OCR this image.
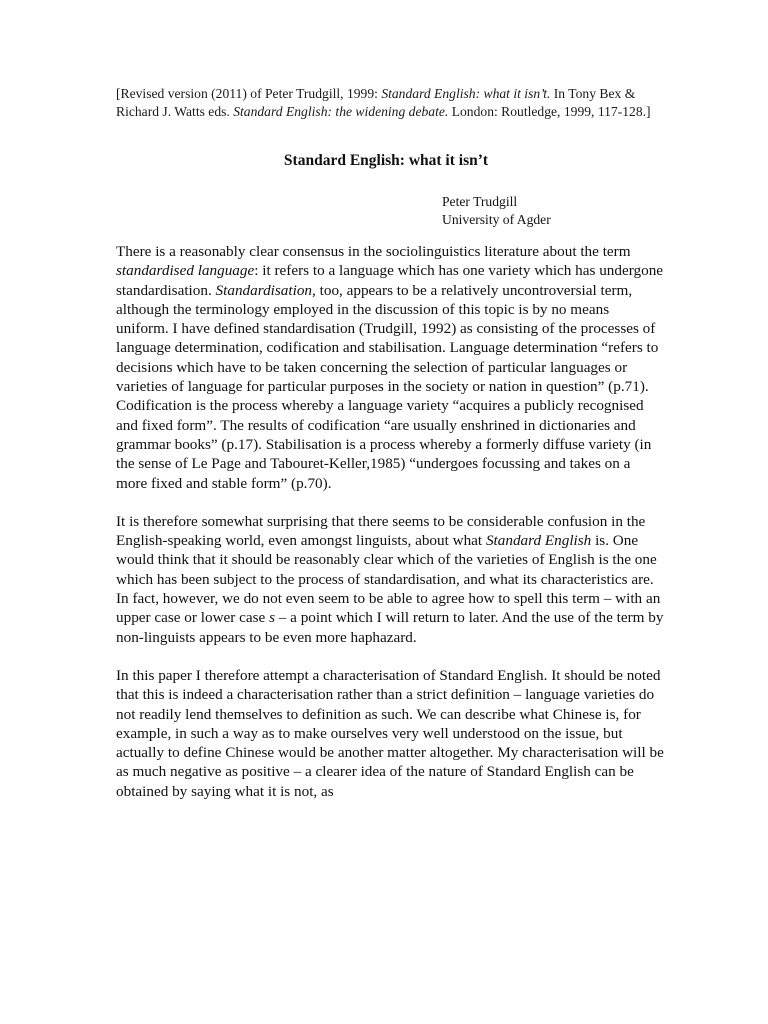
[Revised version (2011) of Peter Trudgill, 1999: Standard English: what it isn’t. In Tony Bex & Richard J. Watts eds. Standard English: the widening debate. London: Routledge, 1999, 117-128.]
Standard English: what it isn’t
Peter Trudgill
University of Agder

There is a reasonably clear consensus in the sociolinguistics literature about the term standardised language: it refers to a language which has one variety which has undergone standardisation. Standardisation, too, appears to be a relatively uncontroversial term, although the terminology employed in the discussion of this topic is by no means uniform. I have defined standardisation (Trudgill, 1992) as consisting of the processes of language determination, codification and stabilisation. Language determination “refers to decisions which have to be taken concerning the selection of particular languages or varieties of language for particular purposes in the society or nation in question” (p.71). Codification is the process whereby a language variety “acquires a publicly recognised and fixed form”. The results of codification “are usually enshrined in dictionaries and grammar books” (p.17). Stabilisation is a process whereby a formerly diffuse variety (in the sense of Le Page and Tabouret-Keller,1985) “undergoes focussing and takes on a more fixed and stable form” (p.70).

It is therefore somewhat surprising that there seems to be considerable confusion in the English-speaking world, even amongst linguists, about what Standard English is. One would think that it should be reasonably clear which of the varieties of English is the one which has been subject to the process of standardisation, and what its characteristics are. In fact, however, we do not even seem to be able to agree how to spell this term – with an upper case or lower case s – a point which I will return to later. And the use of the term by non-linguists appears to be even more haphazard.

In this paper I therefore attempt a characterisation of Standard English. It should be noted that this is indeed a characterisation rather than a strict definition – language varieties do not readily lend themselves to definition as such. We can describe what Chinese is, for example, in such a way as to make ourselves very well understood on the issue, but actually to define Chinese would be another matter altogether. My characterisation will be as much negative as positive – a clearer idea of the nature of Standard English can be obtained by saying what it is not, as
